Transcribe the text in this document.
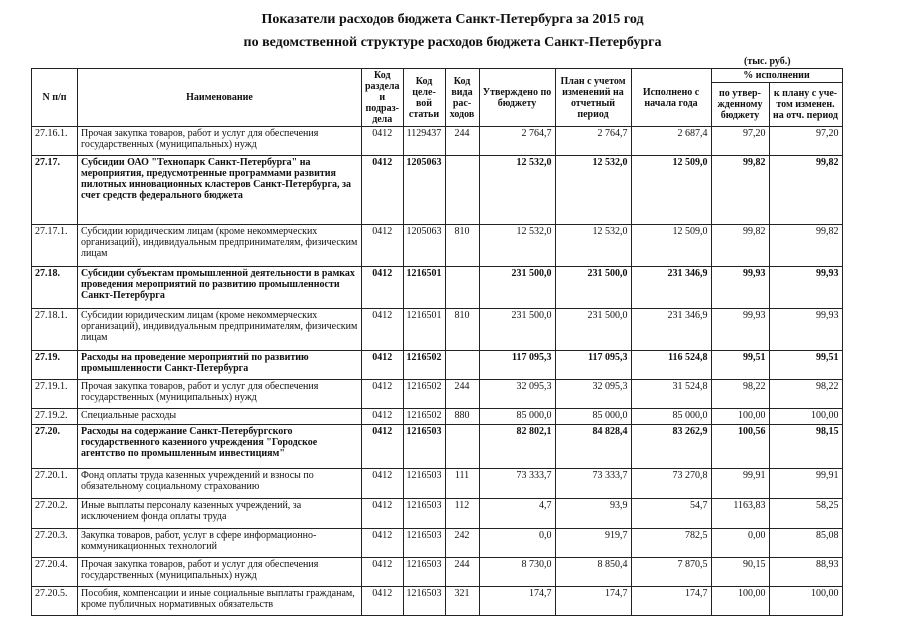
Показатели расходов бюджета Санкт-Петербурга за 2015 год
по ведомственной структуре расходов бюджета Санкт-Петербурга
(тыс. руб.)
N п/п	Наименование	Код раздела и подраз-дела	Код целе-вой статьи	Код вида рас-ходов	Утверждено по бюджету	План с учетом изменений на отчетный период	Исполнено с начала года	% исполнении	
								по утвер-жденному бюджету	к плану с уче-том изменен. на отч. период
27.16.1.	Прочая закупка товаров, работ и услуг для обеспечения государственных (муниципальных) нужд	0412	1129437	244	2 764,7	2 764,7	2 687,4	97,20	97,20
27.17.	Субсидии ОАО "Технопарк Санкт-Петербурга" на мероприятия, предусмотренные программами развития пилотных инновационных кластеров Санкт-Петербурга, за счет средств федерального бюджета	0412	1205063		12 532,0	12 532,0	12 509,0	99,82	99,82
27.17.1.	Субсидии юридическим лицам (кроме некоммерческих организаций), индивидуальным предпринимателям, физическим лицам	0412	1205063	810	12 532,0	12 532,0	12 509,0	99,82	99,82
27.18.	Субсидии субъектам промышленной деятельности в рамках проведения мероприятий по развитию промышленности Санкт-Петербурга	0412	1216501		231 500,0	231 500,0	231 346,9	99,93	99,93
27.18.1.	Субсидии юридическим лицам (кроме некоммерческих организаций), индивидуальным предпринимателям, физическим лицам	0412	1216501	810	231 500,0	231 500,0	231 346,9	99,93	99,93
27.19.	Расходы на проведение мероприятий по развитию промышленности Санкт-Петербурга	0412	1216502		117 095,3	117 095,3	116 524,8	99,51	99,51
27.19.1.	Прочая закупка товаров, работ и услуг для обеспечения государственных (муниципальных) нужд	0412	1216502	244	32 095,3	32 095,3	31 524,8	98,22	98,22
27.19.2.	Специальные расходы	0412	1216502	880	85 000,0	85 000,0	85 000,0	100,00	100,00
27.20.	Расходы на содержание Санкт-Петербургского государственного казенного учреждения "Городское агентство по промышленным инвестициям"	0412	1216503		82 802,1	84 828,4	83 262,9	100,56	98,15
27.20.1.	Фонд оплаты труда казенных учреждений и взносы по обязательному социальному страхованию	0412	1216503	111	73 333,7	73 333,7	73 270,8	99,91	99,91
27.20.2.	Иные выплаты персоналу казенных учреждений, за исключением фонда оплаты труда	0412	1216503	112	4,7	93,9	54,7	1163,83	58,25
27.20.3.	Закупка товаров, работ, услуг в сфере информационно-коммуникационных технологий	0412	1216503	242	0,0	919,7	782,5	0,00	85,08
27.20.4.	Прочая закупка товаров, работ и услуг для обеспечения государственных (муниципальных) нужд	0412	1216503	244	8 730,0	8 850,4	7 870,5	90,15	88,93
27.20.5.	Пособия, компенсации и иные социальные выплаты гражданам, кроме публичных нормативных обязательств	0412	1216503	321	174,7	174,7	174,7	100,00	100,00
